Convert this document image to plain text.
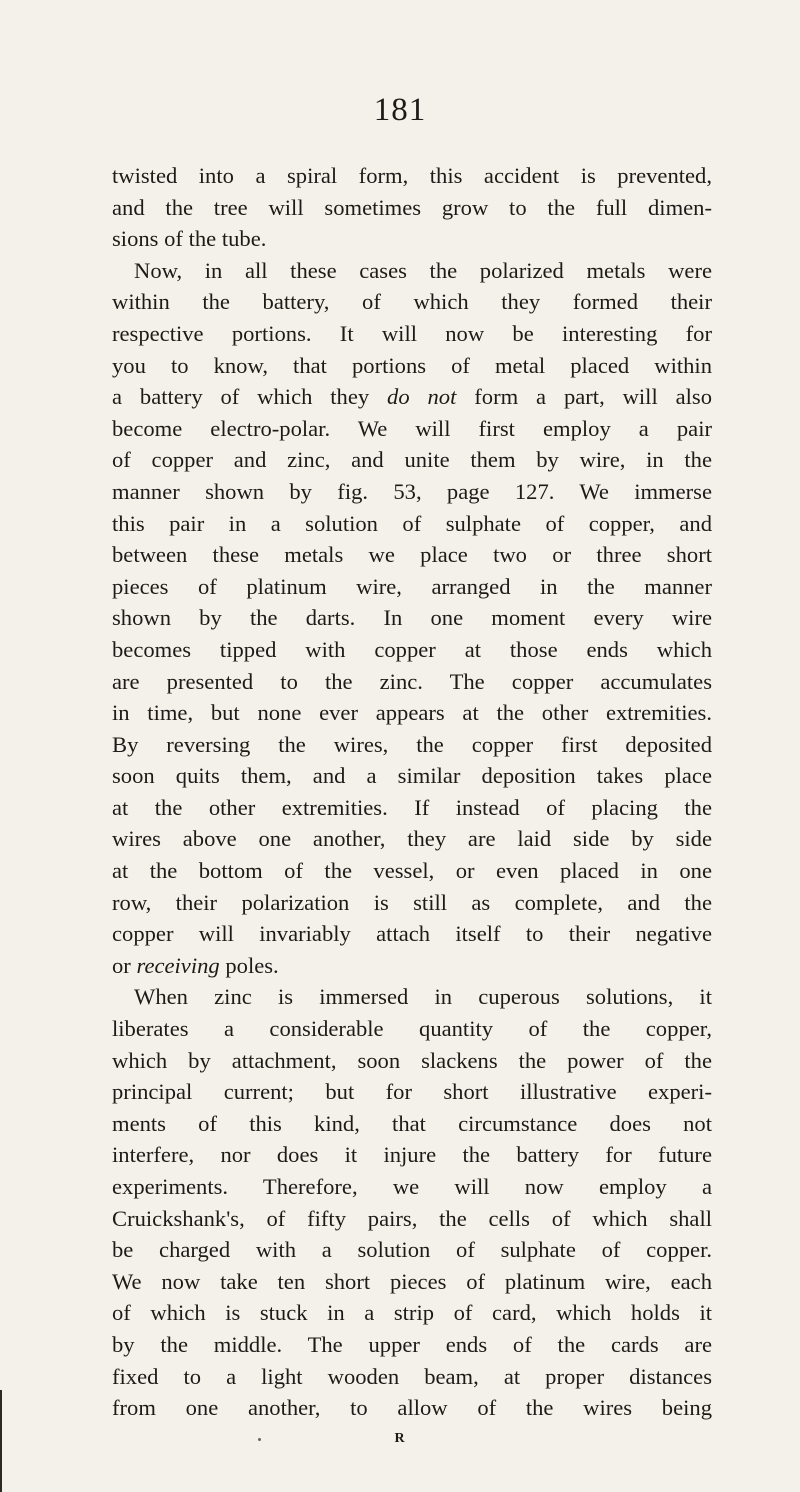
181
twisted into a spiral form, this accident is prevented,
and the tree will sometimes grow to the full dimen-
sions of the tube.
Now, in all these cases the polarized metals were
within the battery, of which they formed their
respective portions. It will now be interesting for
you to know, that portions of metal placed within
a battery of which they do not form a part, will also
become electro-polar. We will first employ a pair
of copper and zinc, and unite them by wire, in the
manner shown by fig. 53, page 127. We immerse
this pair in a solution of sulphate of copper, and
between these metals we place two or three short
pieces of platinum wire, arranged in the manner
shown by the darts. In one moment every wire
becomes tipped with copper at those ends which
are presented to the zinc. The copper accumulates
in time, but none ever appears at the other extremities.
By reversing the wires, the copper first deposited
soon quits them, and a similar deposition takes place
at the other extremities. If instead of placing the
wires above one another, they are laid side by side
at the bottom of the vessel, or even placed in one
row, their polarization is still as complete, and the
copper will invariably attach itself to their negative
or receiving poles.
When zinc is immersed in cuperous solutions, it
liberates a considerable quantity of the copper,
which by attachment, soon slackens the power of the
principal current; but for short illustrative experi-
ments of this kind, that circumstance does not
interfere, nor does it injure the battery for future
experiments. Therefore, we will now employ a
Cruickshank's, of fifty pairs, the cells of which shall
be charged with a solution of sulphate of copper.
We now take ten short pieces of platinum wire, each
of which is stuck in a strip of card, which holds it
by the middle. The upper ends of the cards are
fixed to a light wooden beam, at proper distances
from one another, to allow of the wires being
R
